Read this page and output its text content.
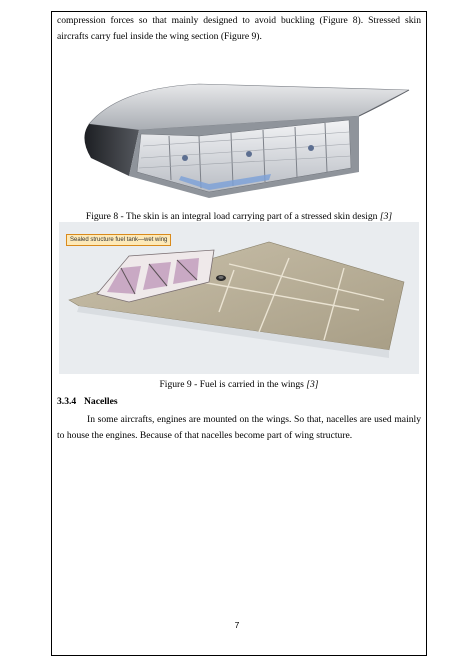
compression forces so that mainly designed to avoid buckling (Figure 8). Stressed skin aircrafts carry fuel inside the wing section (Figure 9).

Figure 8 - The skin is an integral load carrying part of a stressed skin design [3]

Sealed structure fuel tank—wet wing

Figure 9 - Fuel is carried in the wings [3]

3.3.4 Nacelles

In some aircrafts, engines are mounted on the wings. So that, nacelles are used mainly to house the engines. Because of that nacelles become part of wing structure.

7
